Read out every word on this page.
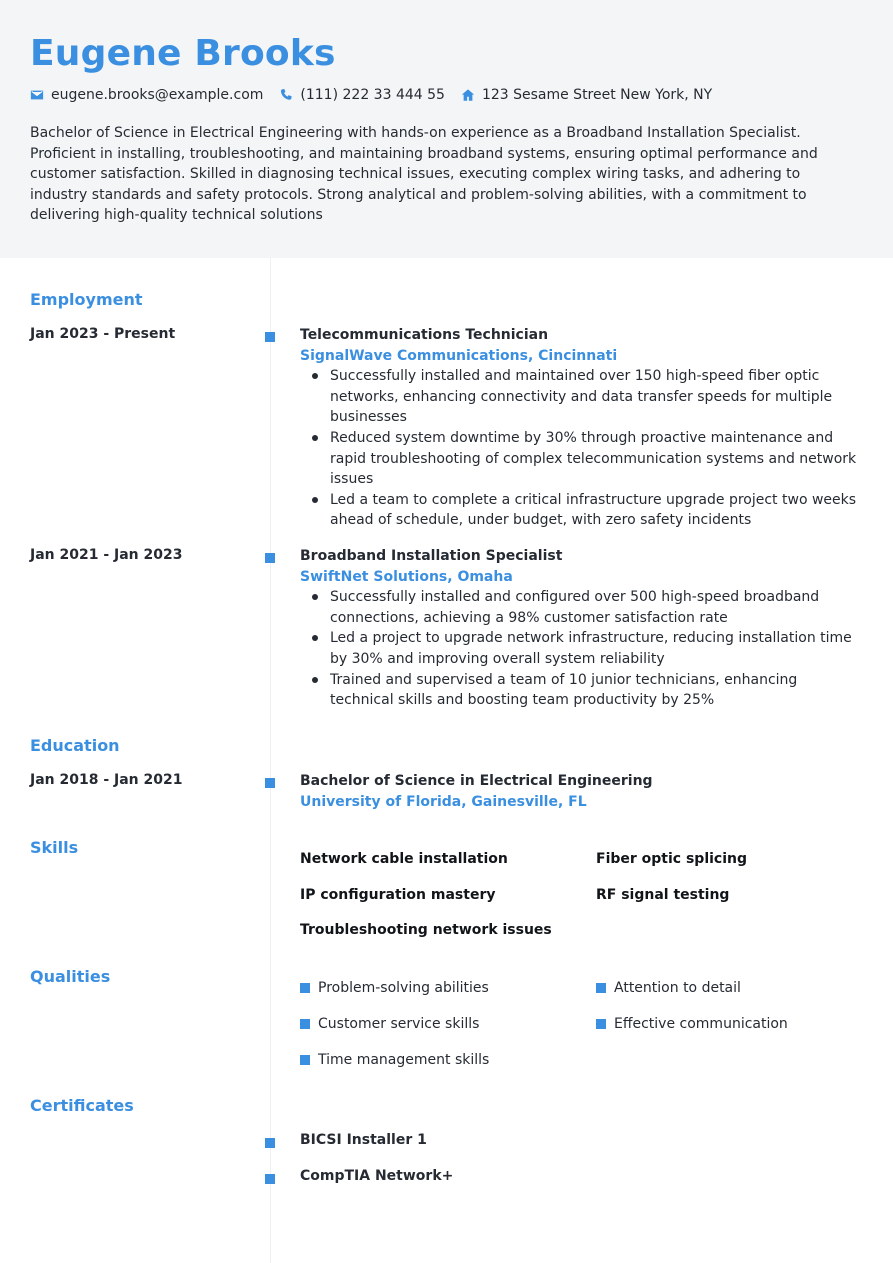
Eugene Brooks
eugene.brooks@example.com	(111) 222 33 444 55	123 Sesame Street New York, NY
Bachelor of Science in Electrical Engineering with hands-on experience as a Broadband Installation Specialist. Proficient in installing, troubleshooting, and maintaining broadband systems, ensuring optimal performance and customer satisfaction. Skilled in diagnosing technical issues, executing complex wiring tasks, and adhering to industry standards and safety protocols. Strong analytical and problem-solving abilities, with a commitment to delivering high-quality technical solutions
Employment
Jan 2023 - Present	Telecommunications Technician
SignalWave Communications, Cincinnati
Successfully installed and maintained over 150 high-speed fiber optic networks, enhancing connectivity and data transfer speeds for multiple businesses
Reduced system downtime by 30% through proactive maintenance and rapid troubleshooting of complex telecommunication systems and network issues
Led a team to complete a critical infrastructure upgrade project two weeks ahead of schedule, under budget, with zero safety incidents
Jan 2021 - Jan 2023	Broadband Installation Specialist
SwiftNet Solutions, Omaha
Successfully installed and configured over 500 high-speed broadband connections, achieving a 98% customer satisfaction rate
Led a project to upgrade network infrastructure, reducing installation time by 30% and improving overall system reliability
Trained and supervised a team of 10 junior technicians, enhancing technical skills and boosting team productivity by 25%
Education
Jan 2018 - Jan 2021	Bachelor of Science in Electrical Engineering
University of Florida, Gainesville, FL
Skills
Network cable installation	Fiber optic splicing
IP configuration mastery	RF signal testing
Troubleshooting network issues
Qualities
Problem-solving abilities	Attention to detail
Customer service skills	Effective communication
Time management skills
Certificates
BICSI Installer 1
CompTIA Network+
